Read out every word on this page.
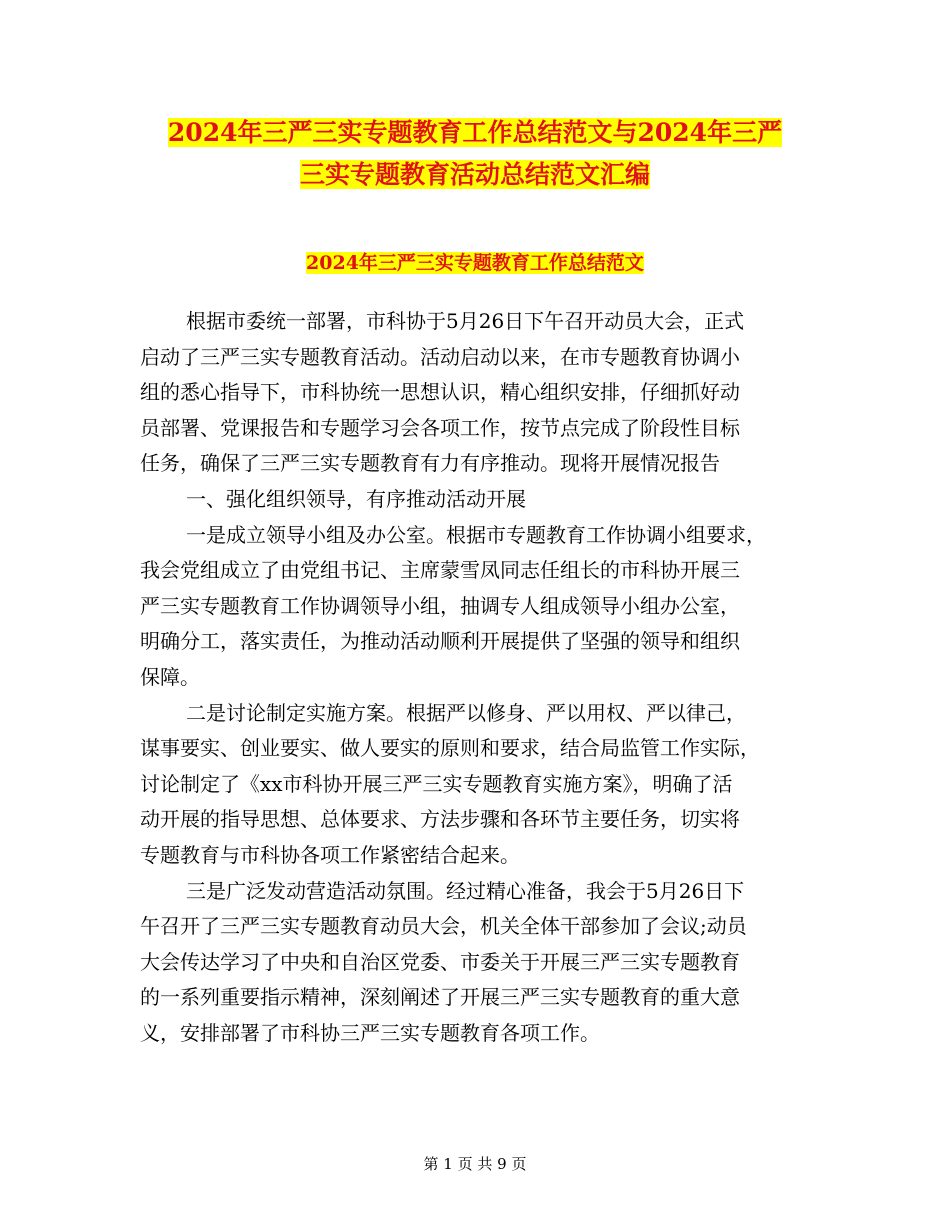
2024年三严三实专题教育工作总结范文与2024年三严
三实专题教育活动总结范文汇编
2024年三严三实专题教育工作总结范文
根据市委统一部署，市科协于5月26日下午召开动员大会，正式
启动了三严三实专题教育活动。活动启动以来，在市专题教育协调小
组的悉心指导下，市科协统一思想认识，精心组织安排，仔细抓好动
员部署、党课报告和专题学习会各项工作，按节点完成了阶段性目标
任务，确保了三严三实专题教育有力有序推动。现将开展情况报告
一、强化组织领导，有序推动活动开展
一是成立领导小组及办公室。根据市专题教育工作协调小组要求，
我会党组成立了由党组书记、主席蒙雪凤同志任组长的市科协开展三
严三实专题教育工作协调领导小组，抽调专人组成领导小组办公室，
明确分工，落实责任，为推动活动顺利开展提供了坚强的领导和组织
保障。
二是讨论制定实施方案。根据严以修身、严以用权、严以律己，
谋事要实、创业要实、做人要实的原则和要求，结合局监管工作实际，
讨论制定了《xx市科协开展三严三实专题教育实施方案》，明确了活
动开展的指导思想、总体要求、方法步骤和各环节主要任务，切实将
专题教育与市科协各项工作紧密结合起来。
三是广泛发动营造活动氛围。经过精心准备，我会于5月26日下
午召开了三严三实专题教育动员大会，机关全体干部参加了会议;动员
大会传达学习了中央和自治区党委、市委关于开展三严三实专题教育
的一系列重要指示精神，深刻阐述了开展三严三实专题教育的重大意
义，安排部署了市科协三严三实专题教育各项工作。
第 1 页 共 9 页
